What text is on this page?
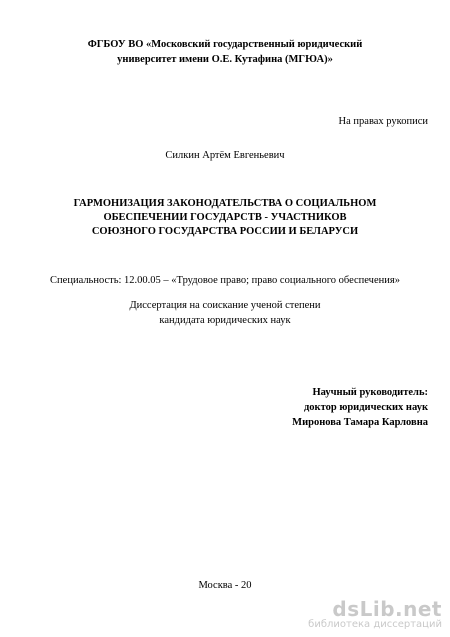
ФГБОУ ВО «Московский государственный юридический
университет имени О.Е. Кутафина (МГЮА)»
На правах рукописи
Силкин Артём Евгеньевич
ГАРМОНИЗАЦИЯ ЗАКОНОДАТЕЛЬСТВА О СОЦИАЛЬНОМ
ОБЕСПЕЧЕНИИ ГОСУДАРСТВ - УЧАСТНИКОВ
СОЮЗНОГО ГОСУДАРСТВА РОССИИ И БЕЛАРУСИ
Специальность: 12.00.05 – «Трудовое право; право социального обеспечения»
Диссертация на соискание ученой степени
кандидата юридических наук
Научный руководитель:
доктор юридических наук
Миронова Тамара Карловна
Москва - 20
dsLib.net
библиотека диссертаций
